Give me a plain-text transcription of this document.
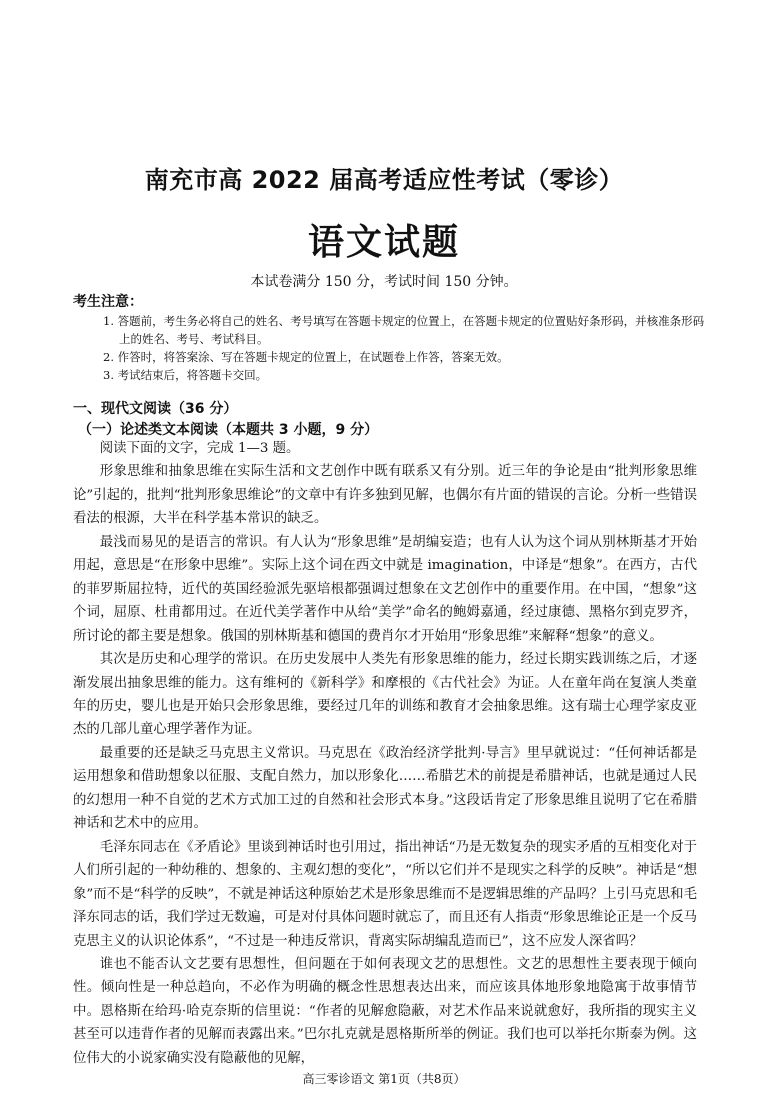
南充市高 2022 届高考适应性考试（零诊）
语文试题
本试卷满分 150 分，考试时间 150 分钟。
考生注意：
1. 答题前，考生务必将自己的姓名、考号填写在答题卡规定的位置上，在答题卡规定的位置贴好条形码，并核准条形码上的姓名、考号、考试科目。
2. 作答时，将答案涂、写在答题卡规定的位置上，在试题卷上作答，答案无效。
3. 考试结束后，将答题卡交回。
一、现代文阅读（36 分）
（一）论述类文本阅读（本题共 3 小题，9 分）

阅读下面的文字，完成 1—3 题。

形象思维和抽象思维在实际生活和文艺创作中既有联系又有分别。近三年的争论是由“批判形象思维论”引起的，批判“批判形象思维论”的文章中有许多独到见解，也偶尔有片面的错误的言论。分析一些错误看法的根源，大半在科学基本常识的缺乏。

最浅而易见的是语言的常识。有人认为“形象思维”是胡编妄造；也有人认为这个词从别林斯基才开始用起，意思是“在形象中思维”。实际上这个词在西文中就是 imagination，中译是“想象”。在西方，古代的菲罗斯屈拉特，近代的英国经验派先驱培根都强调过想象在文艺创作中的重要作用。在中国，“想象”这个词，屈原、杜甫都用过。在近代美学著作中从给“美学”命名的鲍姆嘉通，经过康德、黑格尔到克罗齐，所讨论的都主要是想象。俄国的别林斯基和德国的费肖尔才开始用“形象思维”来解释“想象”的意义。

其次是历史和心理学的常识。在历史发展中人类先有形象思维的能力，经过长期实践训练之后，才逐渐发展出抽象思维的能力。这有维柯的《新科学》和摩根的《古代社会》为证。人在童年尚在复演人类童年的历史，婴儿也是开始只会形象思维，要经过几年的训练和教育才会抽象思维。这有瑞士心理学家皮亚杰的几部儿童心理学著作为证。

最重要的还是缺乏马克思主义常识。马克思在《政治经济学批判·导言》里早就说过：“任何神话都是运用想象和借助想象以征服、支配自然力，加以形象化……希腊艺术的前提是希腊神话，也就是通过人民的幻想用一种不自觉的艺术方式加工过的自然和社会形式本身。”这段话肯定了形象思维且说明了它在希腊神话和艺术中的应用。

毛泽东同志在《矛盾论》里谈到神话时也引用过，指出神话“乃是无数复杂的现实矛盾的互相变化对于人们所引起的一种幼稚的、想象的、主观幻想的变化”，“所以它们并不是现实之科学的反映”。神话是“想象”而不是“科学的反映”，不就是神话这种原始艺术是形象思维而不是逻辑思维的产品吗？上引马克思和毛泽东同志的话，我们学过无数遍，可是对付具体问题时就忘了，而且还有人指责“形象思维论正是一个反马克思主义的认识论体系”，“不过是一种违反常识，背离实际胡编乱造而已”，这不应发人深省吗？

谁也不能否认文艺要有思想性，但问题在于如何表现文艺的思想性。文艺的思想性主要表现于倾向性。倾向性是一种总趋向，不必作为明确的概念性思想表达出来，而应该具体地形象地隐寓于故事情节中。恩格斯在给玛·哈克奈斯的信里说：“作者的见解愈隐蔽，对艺术作品来说就愈好，我所指的现实主义甚至可以违背作者的见解而表露出来。”巴尔扎克就是恩格斯所举的例证。我们也可以举托尔斯泰为例。这位伟大的小说家确实没有隐蔽他的见解，

高三零诊语文 第1页（共8页）
